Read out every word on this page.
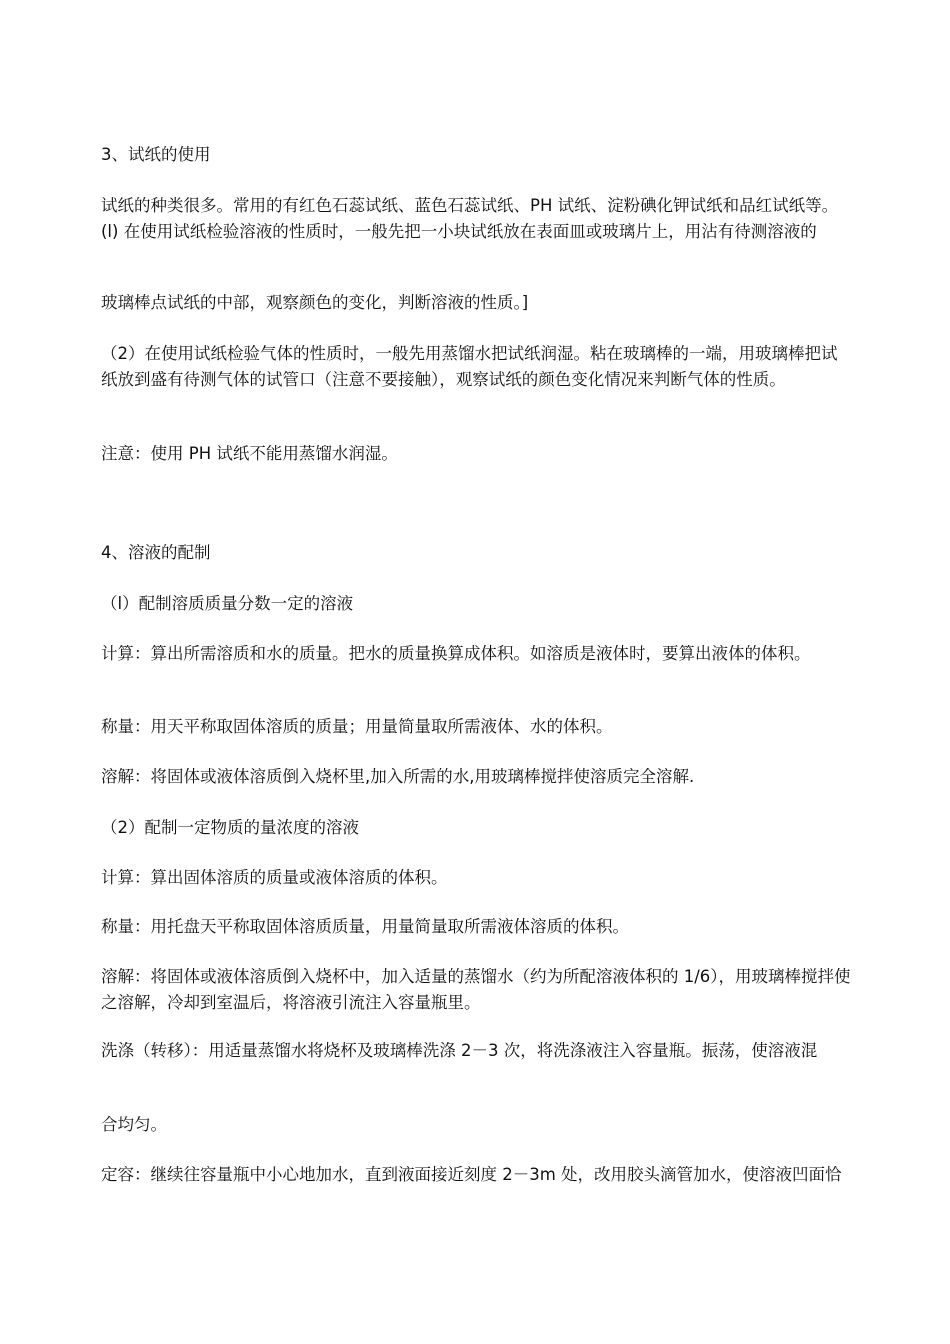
3、试纸的使用

试纸的种类很多。常用的有红色石蕊试纸、蓝色石蕊试纸、PH 试纸、淀粉碘化钾试纸和品红试纸等。(l) 在使用试纸检验溶液的性质时，一般先把一小块试纸放在表面皿或玻璃片上，用沾有待测溶液的

玻璃棒点试纸的中部，观察颜色的变化，判断溶液的性质。]

（2）在使用试纸检验气体的性质时，一般先用蒸馏水把试纸润湿。粘在玻璃棒的一端，用玻璃棒把试纸放到盛有待测气体的试管口（注意不要接触），观察试纸的颜色变化情况来判断气体的性质。

注意：使用 PH 试纸不能用蒸馏水润湿。

4、溶液的配制

（l）配制溶质质量分数一定的溶液

计算：算出所需溶质和水的质量。把水的质量换算成体积。如溶质是液体时，要算出液体的体积。

称量：用天平称取固体溶质的质量；用量简量取所需液体、水的体积。

溶解：将固体或液体溶质倒入烧杯里,加入所需的水,用玻璃棒搅拌使溶质完全溶解.

（2）配制一定物质的量浓度的溶液

计算：算出固体溶质的质量或液体溶质的体积。

称量：用托盘天平称取固体溶质质量，用量简量取所需液体溶质的体积。

溶解：将固体或液体溶质倒入烧杯中，加入适量的蒸馏水（约为所配溶液体积的 1/6），用玻璃棒搅拌使之溶解，冷却到室温后，将溶液引流注入容量瓶里。

洗涤（转移）：用适量蒸馏水将烧杯及玻璃棒洗涤 2－3 次，将洗涤液注入容量瓶。振荡，使溶液混

合均匀。

定容：继续往容量瓶中小心地加水，直到液面接近刻度 2－3m 处，改用胶头滴管加水，使溶液凹面恰
